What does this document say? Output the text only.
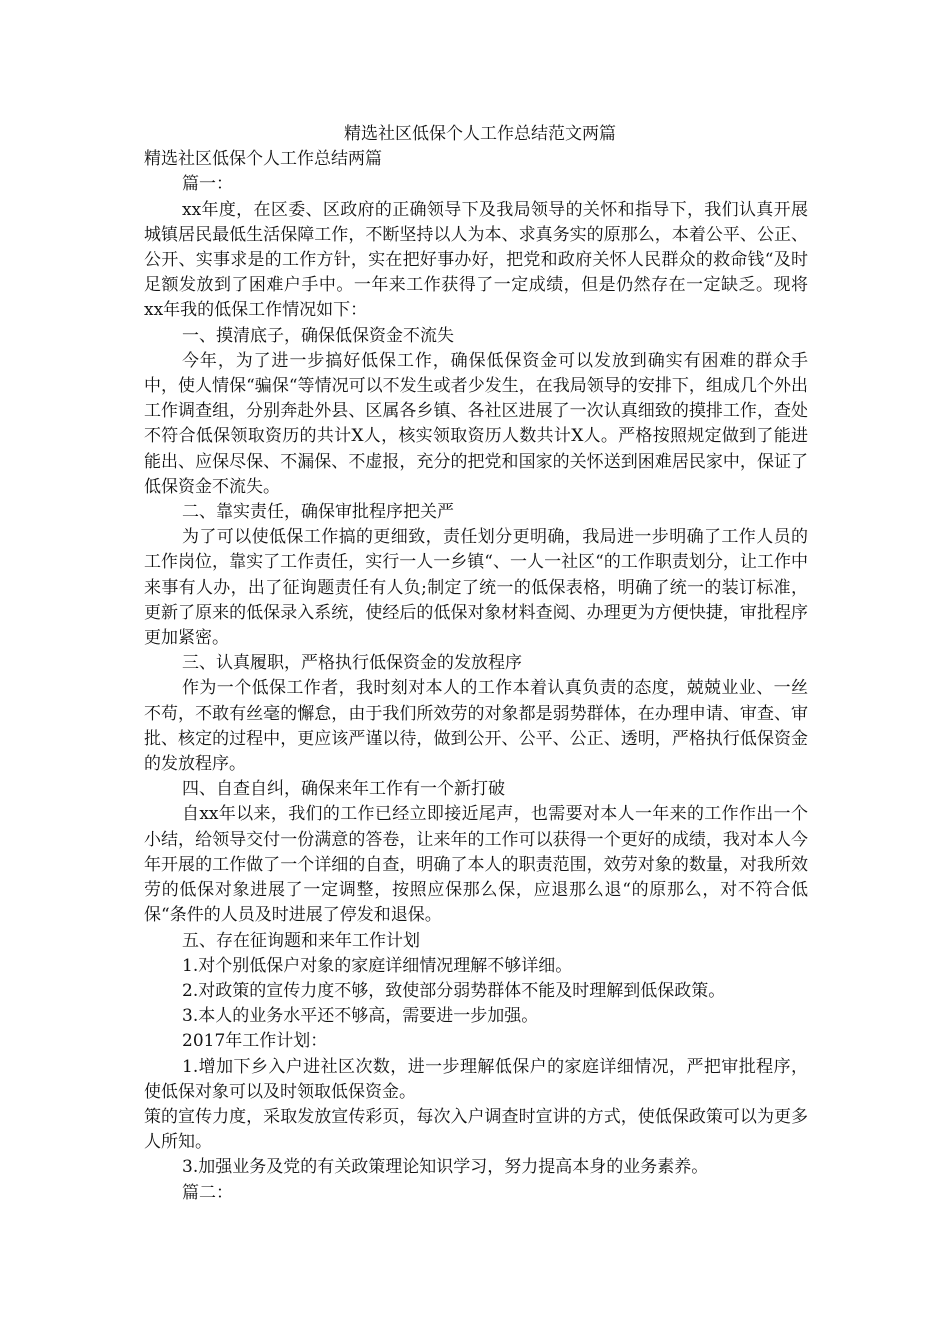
精选社区低保个人工作总结范文两篇

精选社区低保个人工作总结两篇

篇一：

xx年度，在区委、区政府的正确领导下及我局领导的关怀和指导下，我们认真开展城镇居民最低生活保障工作，不断坚持以人为本、求真务实的原那么，本着公平、公正、公开、实事求是的工作方针，实在把好事办好，把党和政府关怀人民群众的救命钱“及时足额发放到了困难户手中。一年来工作获得了一定成绩，但是仍然存在一定缺乏。现将xx年我的低保工作情况如下：

一、摸清底子，确保低保资金不流失

今年，为了进一步搞好低保工作，确保低保资金可以发放到确实有困难的群众手中，使人情保“骗保“等情况可以不发生或者少发生，在我局领导的安排下，组成几个外出工作调查组，分别奔赴外县、区属各乡镇、各社区进展了一次认真细致的摸排工作，查处不符合低保领取资历的共计X人，核实领取资历人数共计X人。严格按照规定做到了能进能出、应保尽保、不漏保、不虚报，充分的把党和国家的关怀送到困难居民家中，保证了低保资金不流失。

二、靠实责任，确保审批程序把关严

为了可以使低保工作搞的更细致，责任划分更明确，我局进一步明确了工作人员的工作岗位，靠实了工作责任，实行一人一乡镇“、一人一社区“的工作职责划分，让工作中来事有人办，出了征询题责任有人负;制定了统一的低保表格，明确了统一的装订标准，更新了原来的低保录入系统，使经后的低保对象材料查阅、办理更为方便快捷，审批程序更加紧密。

三、认真履职，严格执行低保资金的发放程序

作为一个低保工作者，我时刻对本人的工作本着认真负责的态度，兢兢业业、一丝不苟，不敢有丝毫的懈怠，由于我们所效劳的对象都是弱势群体，在办理申请、审查、审批、核定的过程中，更应该严谨以待，做到公开、公平、公正、透明，严格执行低保资金的发放程序。

四、自查自纠，确保来年工作有一个新打破

自xx年以来，我们的工作已经立即接近尾声，也需要对本人一年来的工作作出一个小结，给领导交付一份满意的答卷，让来年的工作可以获得一个更好的成绩，我对本人今年开展的工作做了一个详细的自查，明确了本人的职责范围，效劳对象的数量，对我所效劳的低保对象进展了一定调整，按照应保那么保，应退那么退“的原那么，对不符合低保“条件的人员及时进展了停发和退保。

五、存在征询题和来年工作计划

1.对个别低保户对象的家庭详细情况理解不够详细。

2.对政策的宣传力度不够，致使部分弱势群体不能及时理解到低保政策。

3.本人的业务水平还不够高，需要进一步加强。

2017年工作计划：

1.增加下乡入户进社区次数，进一步理解低保户的家庭详细情况，严把审批程序，使低保对象可以及时领取低保资金。

策的宣传力度，采取发放宣传彩页，每次入户调查时宣讲的方式，使低保政策可以为更多人所知。

3.加强业务及党的有关政策理论知识学习，努力提高本身的业务素养。

篇二：
